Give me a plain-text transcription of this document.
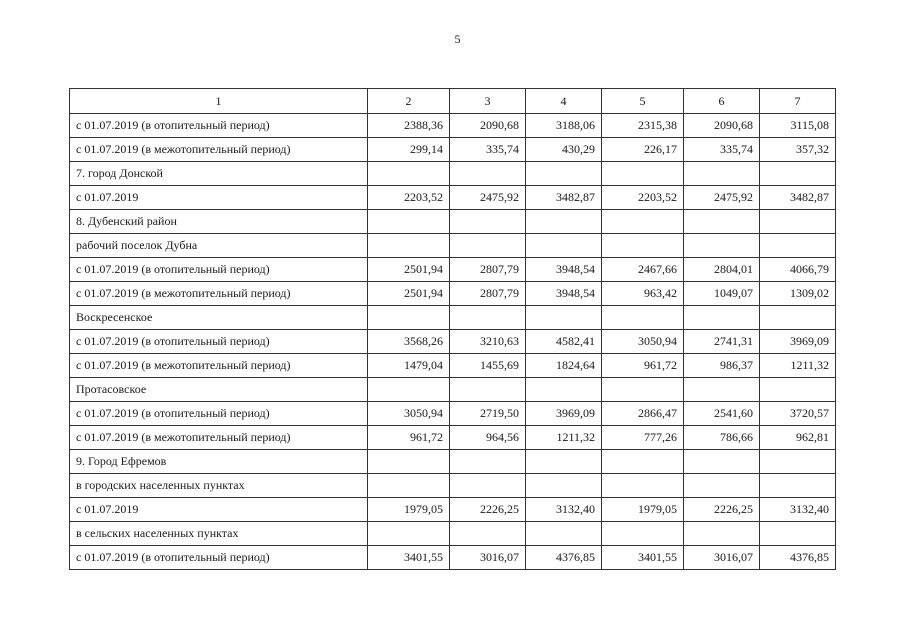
5
1	2	3	4	5	6	7
с 01.07.2019 (в отопительный период)	2388,36	2090,68	3188,06	2315,38	2090,68	3115,08
с 01.07.2019 (в межотопительный период)	299,14	335,74	430,29	226,17	335,74	357,32
7. город Донской						
с 01.07.2019	2203,52	2475,92	3482,87	2203,52	2475,92	3482,87
8. Дубенский район						
рабочий поселок Дубна						
с 01.07.2019 (в отопительный период)	2501,94	2807,79	3948,54	2467,66	2804,01	4066,79
с 01.07.2019 (в межотопительный период)	2501,94	2807,79	3948,54	963,42	1049,07	1309,02
Воскресенское						
с 01.07.2019 (в отопительный период)	3568,26	3210,63	4582,41	3050,94	2741,31	3969,09
с 01.07.2019 (в межотопительный период)	1479,04	1455,69	1824,64	961,72	986,37	1211,32
Протасовское						
с 01.07.2019 (в отопительный период)	3050,94	2719,50	3969,09	2866,47	2541,60	3720,57
с 01.07.2019 (в межотопительный период)	961,72	964,56	1211,32	777,26	786,66	962,81
9. Город Ефремов						
в городских населенных пунктах						
с 01.07.2019	1979,05	2226,25	3132,40	1979,05	2226,25	3132,40
в сельских населенных пунктах						
с 01.07.2019 (в отопительный период)	3401,55	3016,07	4376,85	3401,55	3016,07	4376,85
